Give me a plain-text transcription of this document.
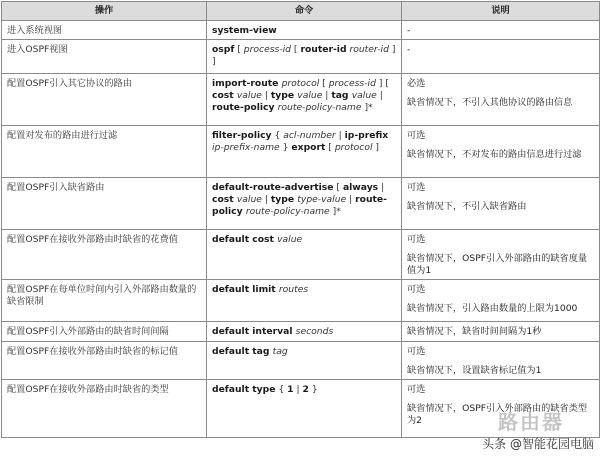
操作	命令	说明
进入系统视图	system-view	-

进入OSPF视图	ospf [ process-id [ router-id router-id ] ]	-

配置OSPF引入其它协议的路由	import-route protocol [ process-id ] [ cost value | type value | tag value | route-policy route-policy-name ]*	必选
缺省情况下，不引入其他协议的路由信息

配置对发布的路由进行过滤	filter-policy { acl-number | ip-prefix ip-prefix-name } export [ protocol ]	可选
缺省情况下，不对发布的路由信息进行过滤

配置OSPF引入缺省路由	default-route-advertise [ always | cost value | type type-value | route-policy route-policy-name ]*	可选
缺省情况下，不引入缺省路由

配置OSPF在接收外部路由时缺省的花费值	default cost value	可选
缺省情况下，OSPF引入外部路由的缺省度量值为1

配置OSPF在每单位时间内引入外部路由数量的缺省限制	default limit routes	可选
缺省情况下，引入路由数量的上限为1000

配置OSPF引入外部路由的缺省时间间隔	default interval seconds	缺省情况下，缺省时间间隔为1秒

配置OSPF在接收外部路由时缺省的标记值	default tag tag	可选
缺省情况下，设置缺省标记值为1

配置OSPF在接收外部路由时缺省的类型	default type { 1 | 2 }	可选
缺省情况下，OSPF引入外部路由的缺省类型为2	路由器
头条 @智能花园电脑
